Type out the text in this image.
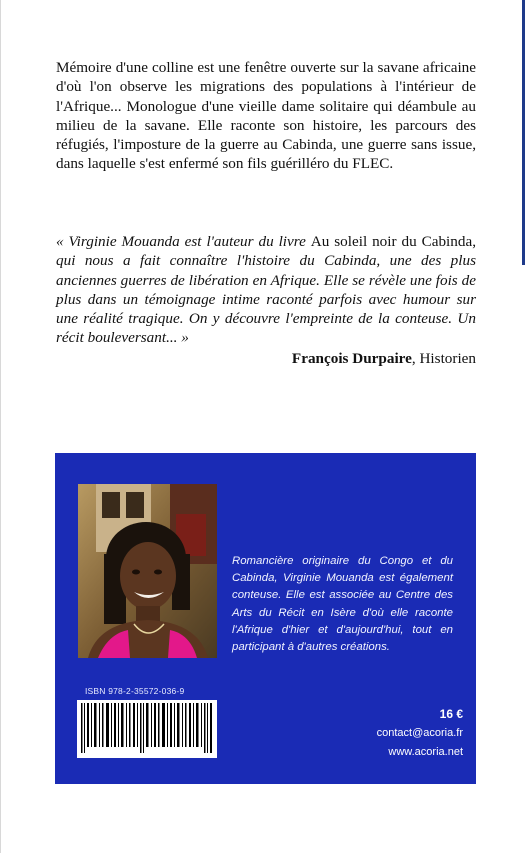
Mémoire d'une colline est une fenêtre ouverte sur la savane africaine d'où l'on observe les migrations des populations à l'intérieur de l'Afrique... Monologue d'une vieille dame solitaire qui déambule au milieu de la savane. Elle raconte son histoire, les parcours des réfugiés, l'imposture de la guerre au Cabinda, une guerre sans issue, dans laquelle s'est enfermé son fils guérilléro du FLEC.

« Virginie Mouanda est l'auteur du livre Au soleil noir du Cabinda, qui nous a fait connaître l'histoire du Cabinda, une des plus anciennes guerres de libération en Afrique. Elle se révèle une fois de plus dans un témoignage intime raconté parfois avec humour sur une réalité tragique. On y découvre l'empreinte de la conteuse. Un récit bouleversant... »

François Durpaire, Historien

Romancière originaire du Congo et du Cabinda, Virginie Mouanda est également conteuse. Elle est associée au Centre des Arts du Récit en Isère d'où elle raconte l'Afrique d'hier et d'aujourd'hui, tout en participant à d'autres créations.

ISBN 978-2-35572-036-9
16 €
contact@acoria.fr
www.acoria.net
